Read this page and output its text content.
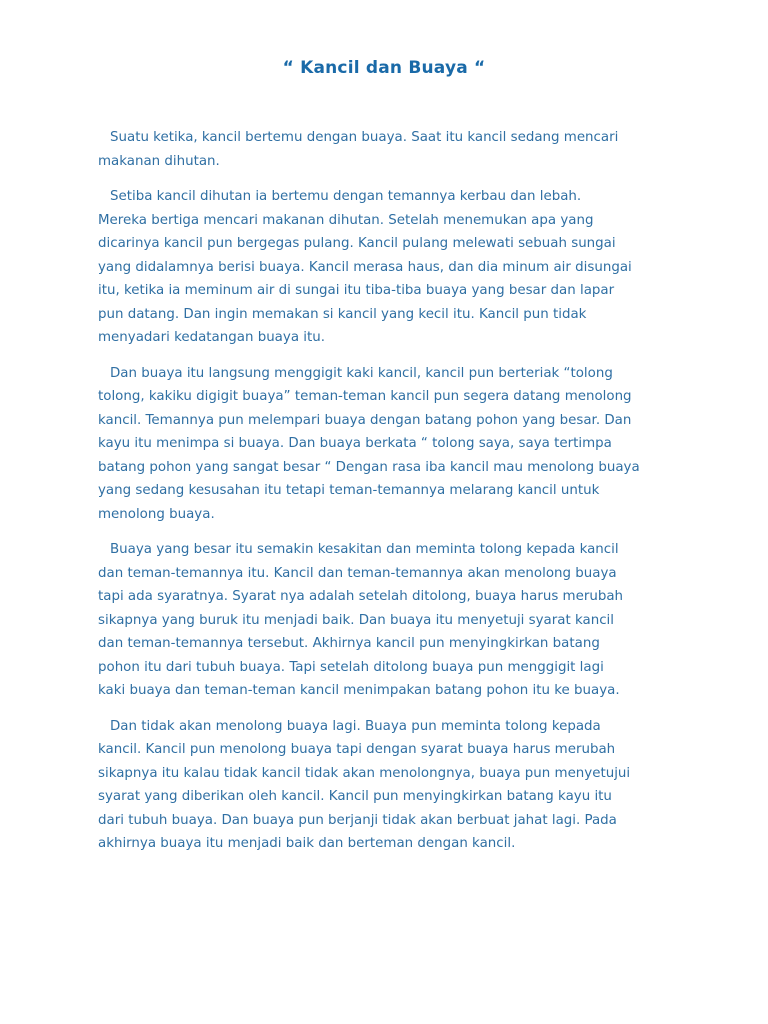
“ Kancil dan Buaya “

Suatu ketika, kancil bertemu dengan buaya. Saat itu kancil sedang mencari
makanan dihutan.

Setiba kancil dihutan ia bertemu dengan temannya kerbau dan lebah.
Mereka bertiga mencari makanan dihutan. Setelah menemukan apa yang
dicarinya kancil pun bergegas pulang. Kancil pulang melewati sebuah sungai
yang didalamnya berisi buaya. Kancil merasa haus, dan dia minum air disungai
itu, ketika ia meminum air di sungai itu tiba-tiba buaya yang besar dan lapar
pun datang. Dan ingin memakan si kancil yang kecil itu. Kancil pun tidak
menyadari kedatangan buaya itu.

Dan buaya itu langsung menggigit kaki kancil, kancil pun berteriak “tolong
tolong, kakiku digigit buaya” teman-teman kancil pun segera datang menolong
kancil. Temannya pun melempari buaya dengan batang pohon yang besar. Dan
kayu itu menimpa si buaya. Dan buaya berkata “ tolong saya, saya tertimpa
batang pohon yang sangat besar “ Dengan rasa iba kancil mau menolong buaya
yang sedang kesusahan itu tetapi teman-temannya melarang kancil untuk
menolong buaya.

Buaya yang besar itu semakin kesakitan dan meminta tolong kepada kancil
dan teman-temannya itu. Kancil dan teman-temannya akan menolong buaya
tapi ada syaratnya. Syarat nya adalah setelah ditolong, buaya harus merubah
sikapnya yang buruk itu menjadi baik. Dan buaya itu menyetuji syarat kancil
dan teman-temannya tersebut. Akhirnya kancil pun menyingkirkan batang
pohon itu dari tubuh buaya. Tapi setelah ditolong buaya pun menggigit lagi
kaki buaya dan teman-teman kancil menimpakan batang pohon itu ke buaya.

Dan tidak akan menolong buaya lagi. Buaya pun meminta tolong kepada
kancil. Kancil pun menolong buaya tapi dengan syarat buaya harus merubah
sikapnya itu kalau tidak kancil tidak akan menolongnya, buaya pun menyetujui
syarat yang diberikan oleh kancil. Kancil pun menyingkirkan batang kayu itu
dari tubuh buaya. Dan buaya pun berjanji tidak akan berbuat jahat lagi. Pada
akhirnya buaya itu menjadi baik dan berteman dengan kancil.
